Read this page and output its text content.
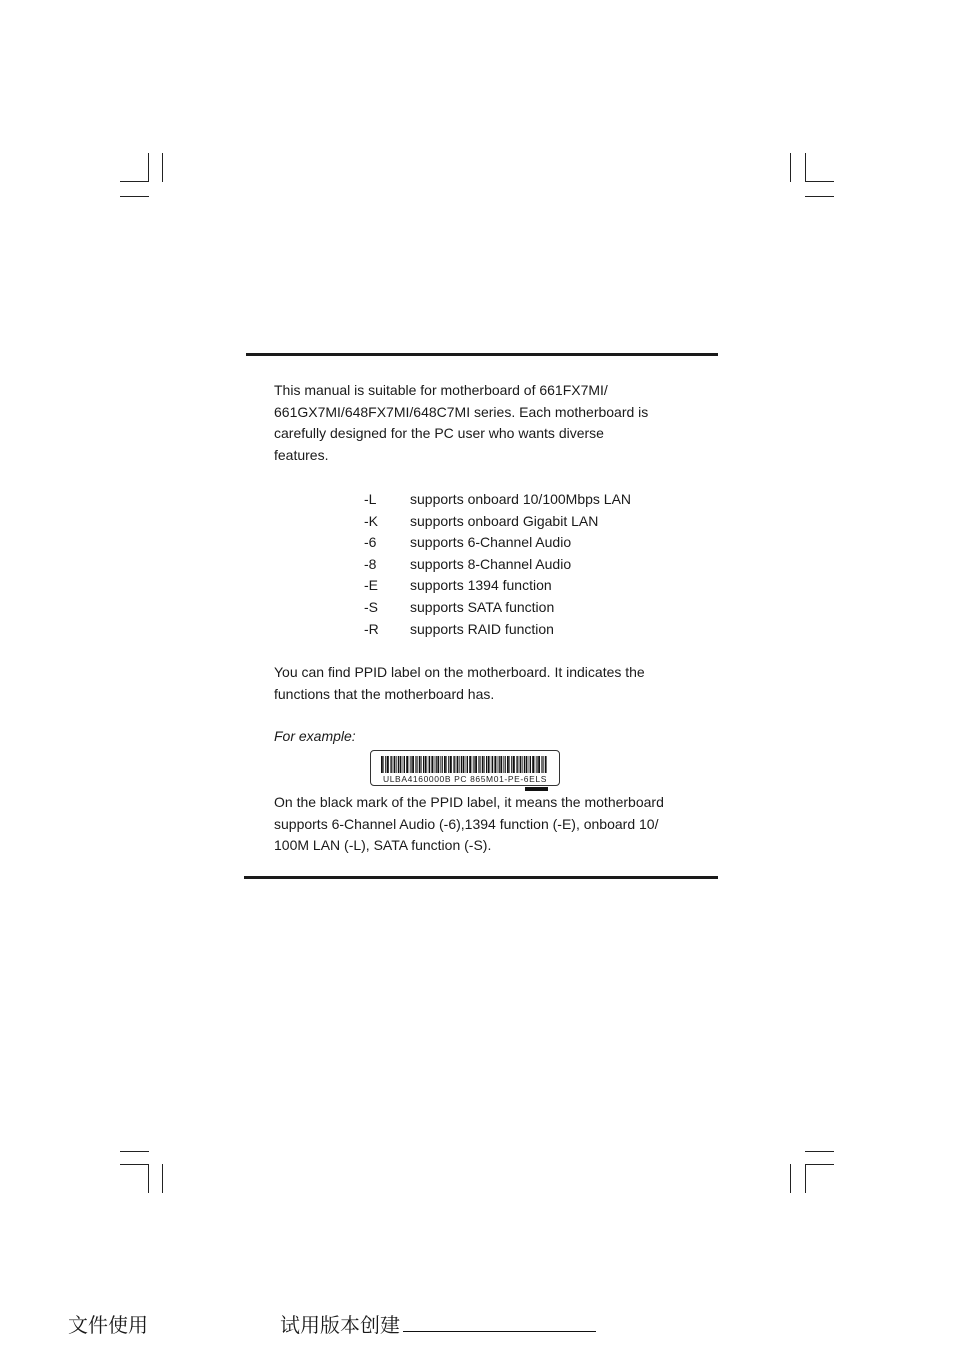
This manual is suitable for motherboard of 661FX7MI/
661GX7MI/648FX7MI/648C7MI series. Each motherboard is
carefully designed for the PC user who wants diverse
features.

-L	supports onboard 10/100Mbps LAN
-K	supports onboard Gigabit LAN
-6	supports 6-Channel Audio
-8	supports 8-Channel Audio
-E	supports 1394 function
-S	supports SATA function
-R	supports RAID function

You can find PPID label on the motherboard. It indicates the
functions that the motherboard has.

For example:
ULBA4160000B PC 865M01-PE-6ELS

On the black mark of the PPID label, it means the motherboard
supports 6-Channel Audio (-6),1394 function (-E), onboard 10/
100M LAN (-L), SATA function (-S).

文件使用	试用版本创建
